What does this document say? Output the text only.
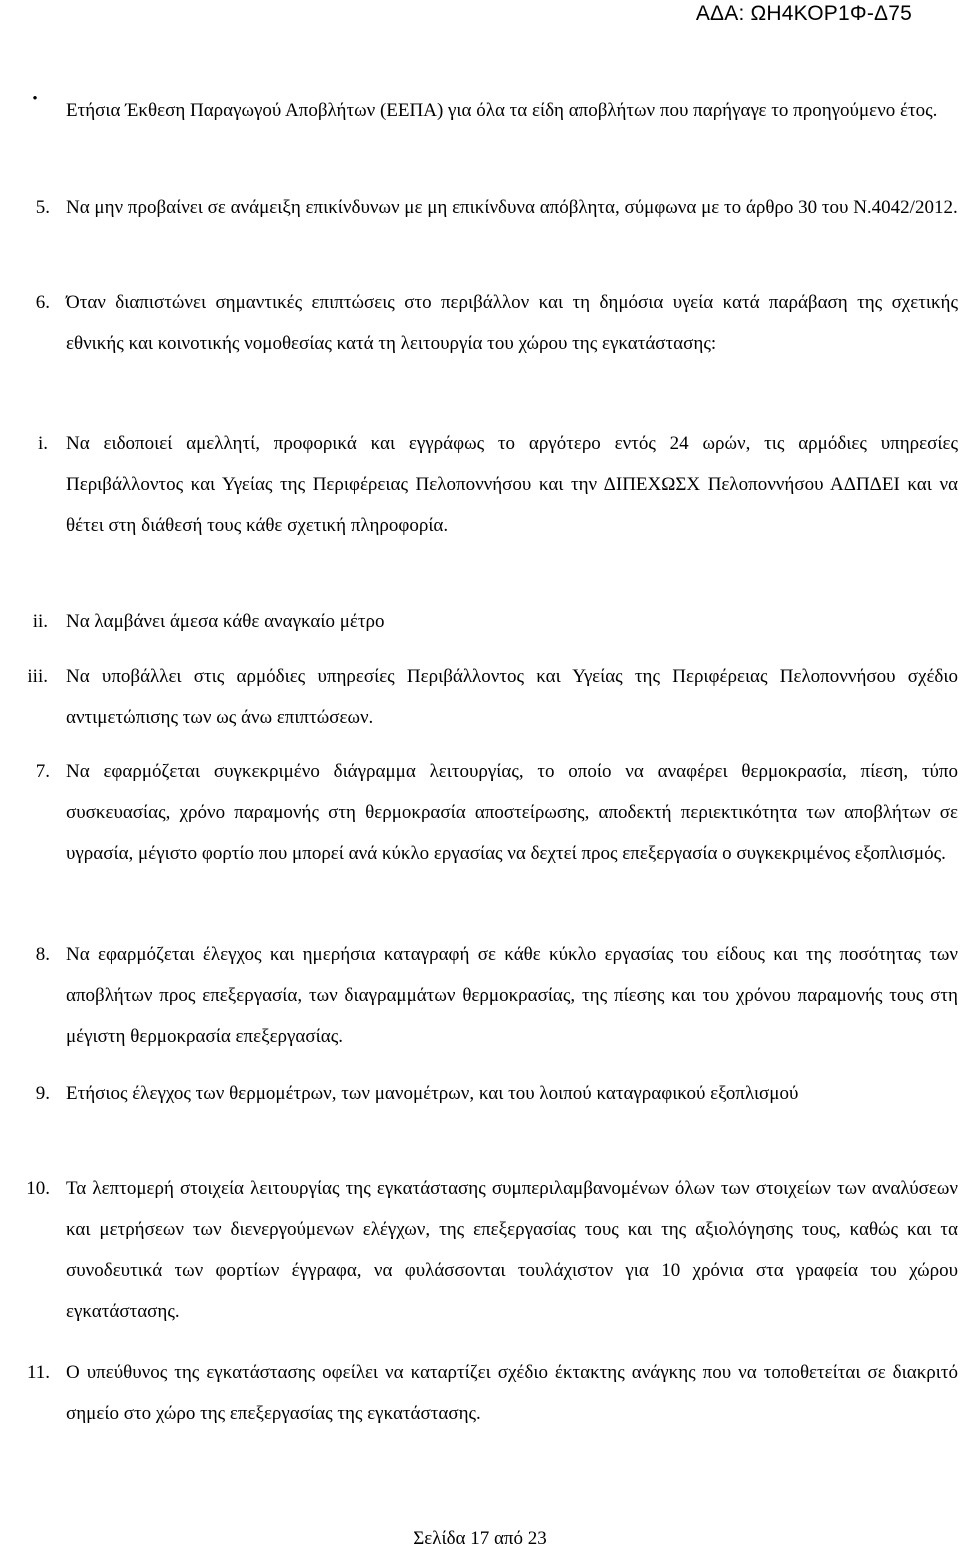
ΑΔΑ: ΩΗ4ΚΟΡ1Φ-Δ75
•

Ετήσια Έκθεση Παραγωγού Αποβλήτων (ΕΕΠΑ) για όλα τα είδη αποβλήτων που παρήγαγε το προηγούμενο έτος.

5. Να μην προβαίνει σε ανάμειξη επικίνδυνων με μη επικίνδυνα απόβλητα, σύμφωνα με το άρθρο 30 του Ν.4042/2012.

6. Όταν διαπιστώνει σημαντικές επιπτώσεις στο περιβάλλον και τη δημόσια υγεία κατά παράβαση της σχετικής εθνικής και κοινοτικής νομοθεσίας κατά τη λειτουργία του χώρου της εγκατάστασης:

i. Να ειδοποιεί αμελλητί, προφορικά και εγγράφως το αργότερο εντός 24 ωρών, τις αρμόδιες υπηρεσίες Περιβάλλοντος και Υγείας της Περιφέρειας Πελοποννήσου και την ΔΙΠΕΧΩΣΧ Πελοποννήσου ΑΔΠΔΕΙ και να θέτει στη διάθεσή τους κάθε σχετική πληροφορία.

ii. Να λαμβάνει άμεσα κάθε αναγκαίο μέτρο

iii. Να υποβάλλει στις αρμόδιες υπηρεσίες Περιβάλλοντος και Υγείας της Περιφέρειας Πελοποννήσου σχέδιο αντιμετώπισης των ως άνω επιπτώσεων.

7. Να εφαρμόζεται συγκεκριμένο διάγραμμα λειτουργίας, το οποίο να αναφέρει θερμοκρασία, πίεση, τύπο συσκευασίας, χρόνο παραμονής στη θερμοκρασία αποστείρωσης, αποδεκτή περιεκτικότητα των αποβλήτων σε υγρασία, μέγιστο φορτίο που μπορεί ανά κύκλο εργασίας να δεχτεί προς επεξεργασία ο συγκεκριμένος εξοπλισμός.

8. Να εφαρμόζεται έλεγχος και ημερήσια καταγραφή σε κάθε κύκλο εργασίας του είδους και της ποσότητας των αποβλήτων προς επεξεργασία, των διαγραμμάτων θερμοκρασίας, της πίεσης και του χρόνου παραμονής τους στη μέγιστη θερμοκρασία επεξεργασίας.

9. Ετήσιος έλεγχος των θερμομέτρων, των μανομέτρων, και του λοιπού καταγραφικού εξοπλισμού

10. Τα λεπτομερή στοιχεία λειτουργίας της εγκατάστασης συμπεριλαμβανομένων όλων των στοιχείων των αναλύσεων και μετρήσεων των διενεργούμενων ελέγχων, της επεξεργασίας τους και της αξιολόγησης τους, καθώς και τα συνοδευτικά των φορτίων έγγραφα, να φυλάσσονται τουλάχιστον για 10 χρόνια στα γραφεία του χώρου εγκατάστασης.

11. Ο υπεύθυνος της εγκατάστασης οφείλει να καταρτίζει σχέδιο έκτακτης ανάγκης που να τοποθετείται σε διακριτό σημείο στο χώρο της επεξεργασίας της εγκατάστασης.

Σελίδα 17 από 23
